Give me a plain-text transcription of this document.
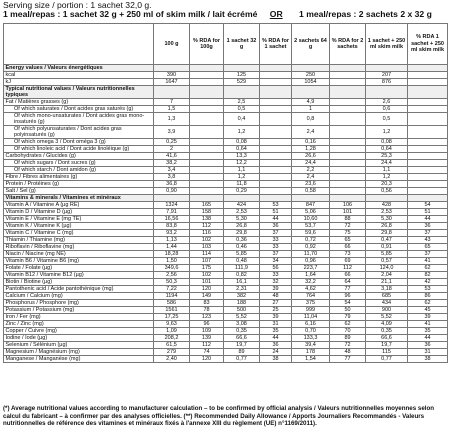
Serving size / portion : 1 sachet 32,0 g.
1 meal/repas : 1 sachet 32 g + 250 ml of skim milk / lait écrémé OR 1 meal/repas : 2 sachets 2 x 32 g
	100 g	% RDA for 100g	1 sachet 32 g	% RDA for 1 sachet	2 sachets 64 g	% RDA for 2 sachets	1 sachet + 250 ml skim milk	% RDA 1 sachet + 250 ml skim milk
Energy values / Valeurs énergétiques								
kcal	390		125		250		207	
kJ	1647		529		1054		876	
Typical nutritional values / Valeurs nutritionnelles typiques								
Fat / Matières grasses (g)	7		2,5		4,9		2,6	
Of which saturates / Dont acides gras saturés (g)	1,5		0,5		1		0,6	
Of which mono-unsaturates / Dont acides gras mono-insaturés (g)	1,3		0,4		0,8		0,5	
Of which polyunsaturates / Dont acides gras polyinsaturés (g)	3,9		1,2		2,4		1,2	
Of which omega 3 / Dont oméga 3 (g)	0,25		0,08		0,16		0,08	
Of which linoleic acid / Dont acide linoléique (g)	2		0,64		1,28		0,64	
Carbohydrates / Glucides (g)	41,6		13,3		26,6		25,3	
Of which sugars / Dont sucres (g)	38,2		12,2		24,4		24,4	
Of which starch / Dont amidon (g)	3,4		1,1		2,2		1,1	
Fibre / Fibres alimentaires (g)	3,8		1,2		2,4		1,2	
Protein / Protéines (g)	36,8		11,8		23,6		20,3	
Salt / Sel (g)	0,90		0,29		0,58		0,56	
Vitamins & minerals / Vitamines et minéraux								
Vitamin A / Vitamine A (µg RE)	1324	165	424	53	847	106	428	54
Vitamin D / Vitamine D (µg)	7,91	158	2,53	51	5,06	101	2,53	51
Vitamin E / Vitamine E (mg TE)	16,56	138	5,30	44	10,60	88	5,30	44
Vitamin K / Vitamine K (µg)	83,8	112	26,8	36	53,7	72	26,8	36
Vitamin C / Vitamine C (mg)	93,2	116	29,8	37	59,6	75	29,8	37
Thiamin / Thiamine (mg)	1,13	102	0,36	33	0,72	65	0,47	43
Riboflavin / Riboflavine (mg)	1,44	103	0,46	33	0,92	66	0,91	65
Niacin / Niacine (mg NE)	18,28	114	5,85	37	11,70	73	5,85	37
Vitamin B6 / Vitamine B6 (mg)	1,50	107	0,48	34	0,96	69	0,57	41
Folate / Folate (µg)	349,6	175	111,9	56	223,7	112	124,0	62
Vitamin B12 / Vitamine B12 (µg)	2,56	102	0,82	33	1,64	66	2,04	82
Biotin / Biotine (µg)	50,3	101	16,1	32	32,2	64	21,1	42
Pantothenic acid / Acide pantothénique (mg)	7,22	120	2,31	39	4,62	77	3,18	53
Calcium / Calcium (mg)	1194	149	382	48	764	96	685	86
Phosphorus / Phosphore (mg)	586	83	188	27	375	54	434	62
Potassium / Potassium (mg)	1561	78	500	25	999	50	900	45
Iron / Fer (mg)	17,25	123	5,52	39	11,04	79	5,52	39
Zinc / Zinc (mg)	9,63	96	3,08	31	6,16	62	4,09	41
Copper / Cuivre (mg)	1,09	109	0,35	35	0,70	70	0,35	35
Iodine / Iode (µg)	208,2	139	66,6	44	133,3	89	66,6	44
Selenium / Sélénium (µg)	61,5	112	19,7	36	39,4	72	19,7	36
Magnesium / Magnésium (mg)	279	74	89	24	178	48	115	31
Manganese / Manganèse (mg)	2,40	120	0,77	38	1,54	77	0,77	38
(*) Average nutritional values according to manufacturer calculation – to be confirmed by official analysis / Valeurs nutritionnelles moyennes selon calcul du fabricant – à confirmer par des analyses officielles. (**) Recommended Daily Allowance / Apports Journaliers Recommandés - Valeurs nutritionnelles de référence des vitamines et minéraux fixés à l'annexe XIII du règlement (UE) n°1169/2011).
